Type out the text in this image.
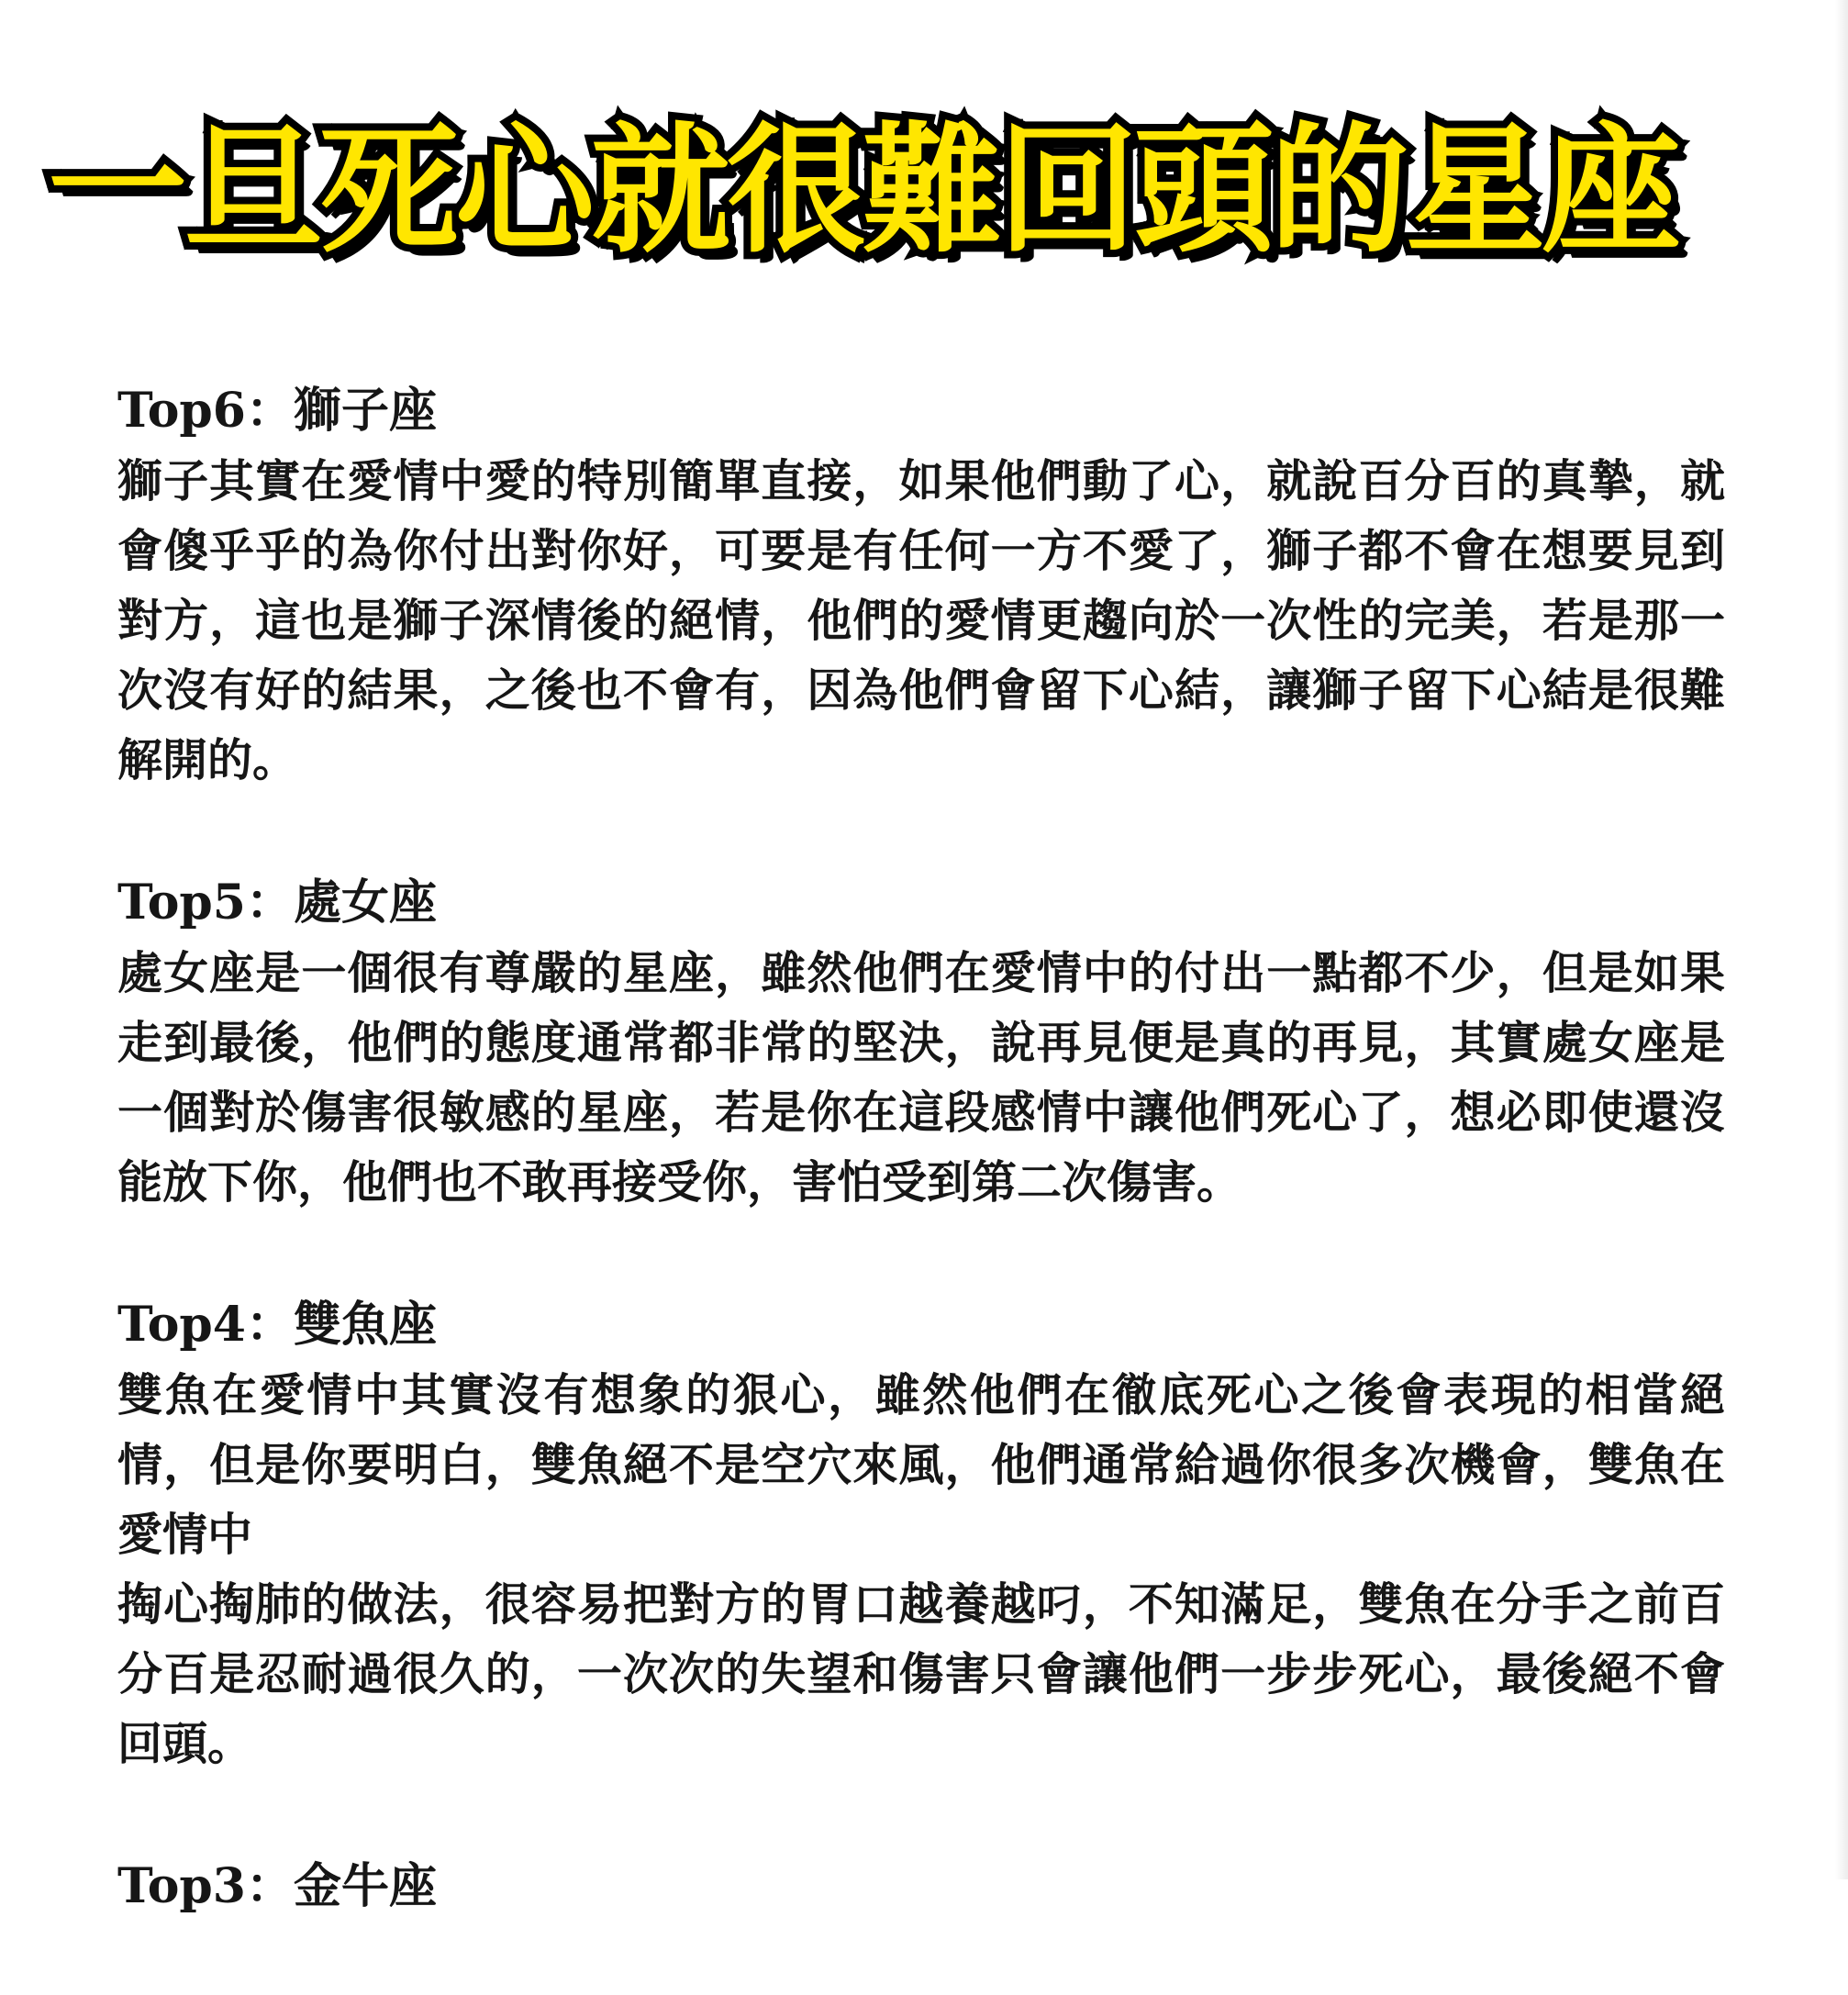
一旦死心就很難回頭的星座

Top6：獅子座

獅子其實在愛情中愛的特別簡單直接，如果他們動了心，就說百分百的真摯，就會傻乎乎的為你付出對你好，可要是有任何一方不愛了，獅子都不會在想要見到對方，這也是獅子深情後的絕情，他們的愛情更趨向於一次性的完美，若是那一次沒有好的結果，之後也不會有，因為他們會留下心結，讓獅子留下心結是很難解開的。

Top5：處女座

處女座是一個很有尊嚴的星座，雖然他們在愛情中的付出一點都不少，但是如果走到最後，他們的態度通常都非常的堅決，說再見便是真的再見，其實處女座是一個對於傷害很敏感的星座，若是你在這段感情中讓他們死心了，想必即使還沒能放下你，他們也不敢再接受你，害怕受到第二次傷害。

Top4：雙魚座

雙魚在愛情中其實沒有想象的狠心，雖然他們在徹底死心之後會表現的相當絕情，但是你要明白，雙魚絕不是空穴來風，他們通常給過你很多次機會，雙魚在愛情中

掏心掏肺的做法，很容易把對方的胃口越養越叼，不知滿足，雙魚在分手之前百分百是忍耐過很久的，一次次的失望和傷害只會讓他們一步步死心，最後絕不會回頭。

Top3：金牛座
